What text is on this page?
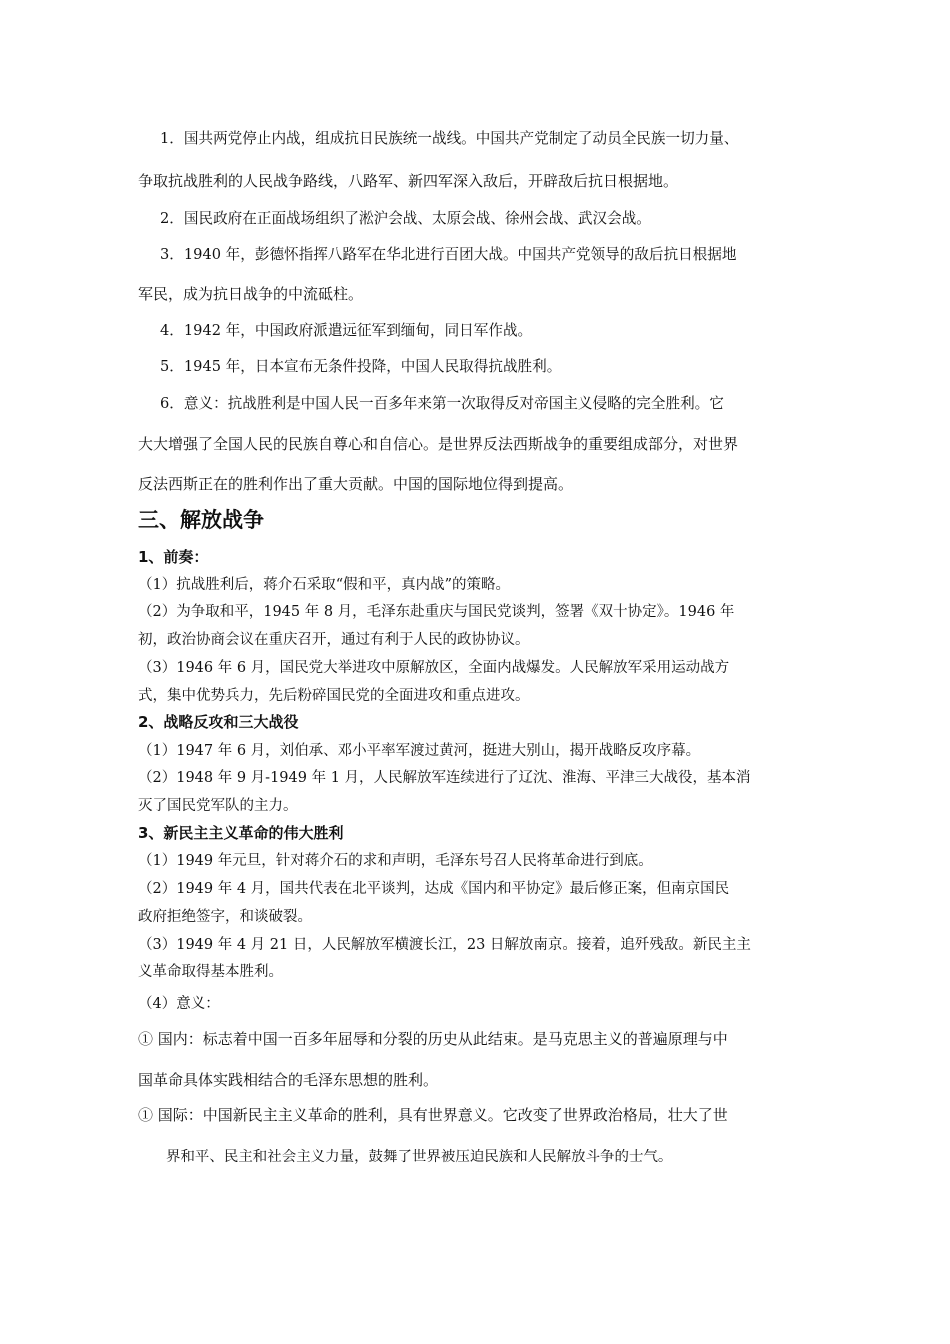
1．国共两党停止内战，组成抗日民族统一战线。中国共产党制定了动员全民族一切力量、
争取抗战胜利的人民战争路线，八路军、新四军深入敌后，开辟敌后抗日根据地。
2．国民政府在正面战场组织了淞沪会战、太原会战、徐州会战、武汉会战。
3．1940 年，彭德怀指挥八路军在华北进行百团大战。中国共产党领导的敌后抗日根据地
军民，成为抗日战争的中流砥柱。
4．1942 年，中国政府派遣远征军到缅甸，同日军作战。
5．1945 年，日本宣布无条件投降，中国人民取得抗战胜利。
6．意义：抗战胜利是中国人民一百多年来第一次取得反对帝国主义侵略的完全胜利。它
大大增强了全国人民的民族自尊心和自信心。是世界反法西斯战争的重要组成部分，对世界
反法西斯正在的胜利作出了重大贡献。中国的国际地位得到提高。
三、解放战争
1、前奏：
（1）抗战胜利后，蒋介石采取“假和平，真内战”的策略。
（2）为争取和平，1945 年 8 月，毛泽东赴重庆与国民党谈判，签署《双十协定》。1946 年
初，政治协商会议在重庆召开，通过有利于人民的政协协议。
（3）1946 年 6 月，国民党大举进攻中原解放区，全面内战爆发。人民解放军采用运动战方
式，集中优势兵力，先后粉碎国民党的全面进攻和重点进攻。
2、战略反攻和三大战役
（1）1947 年 6 月，刘伯承、邓小平率军渡过黄河，挺进大别山，揭开战略反攻序幕。
（2）1948 年 9 月-1949 年 1 月，人民解放军连续进行了辽沈、淮海、平津三大战役，基本消
灭了国民党军队的主力。
3、新民主主义革命的伟大胜利
（1）1949 年元旦，针对蒋介石的求和声明，毛泽东号召人民将革命进行到底。
（2）1949 年 4 月，国共代表在北平谈判，达成《国内和平协定》最后修正案，但南京国民
政府拒绝签字，和谈破裂。
（3）1949 年 4 月 21 日，人民解放军横渡长江，23 日解放南京。接着，追歼残敌。新民主主
义革命取得基本胜利。
（4）意义：
① 国内：标志着中国一百多年屈辱和分裂的历史从此结束。是马克思主义的普遍原理与中
国革命具体实践相结合的毛泽东思想的胜利。
① 国际：中国新民主主义革命的胜利，具有世界意义。它改变了世界政治格局，壮大了世
界和平、民主和社会主义力量，鼓舞了世界被压迫民族和人民解放斗争的士气。
